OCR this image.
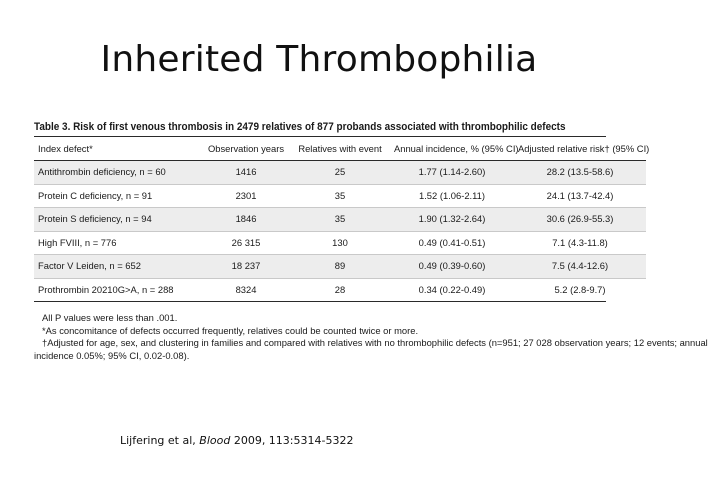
Inherited Thrombophilia
Table 3. Risk of first venous thrombosis in 2479 relatives of 877 probands associated with thrombophilic defects
Index defect*	Observation years	Relatives with event	Annual incidence, % (95% CI)	Adjusted relative risk† (95% CI)
Antithrombin deficiency, n = 60	1416	25	1.77 (1.14-2.60)	28.2 (13.5-58.6)
Protein C deficiency, n = 91	2301	35	1.52 (1.06-2.11)	24.1 (13.7-42.4)
Protein S deficiency, n = 94	1846	35	1.90 (1.32-2.64)	30.6 (26.9-55.3)
High FVIII, n = 776	26 315	130	0.49 (0.41-0.51)	7.1 (4.3-11.8)
Factor V Leiden, n = 652	18 237	89	0.49 (0.39-0.60)	7.5 (4.4-12.6)
Prothrombin 20210G>A, n = 288	8324	28	0.34 (0.22-0.49)	5.2 (2.8-9.7)
All P values were less than .001.
*As concomitance of defects occurred frequently, relatives could be counted twice or more.
†Adjusted for age, sex, and clustering in families and compared with relatives with no thrombophilic defects (n=951; 27 028 observation years; 12 events; annual
incidence 0.05%; 95% CI, 0.02-0.08).
Lijfering et al, Blood 2009, 113:5314-5322
